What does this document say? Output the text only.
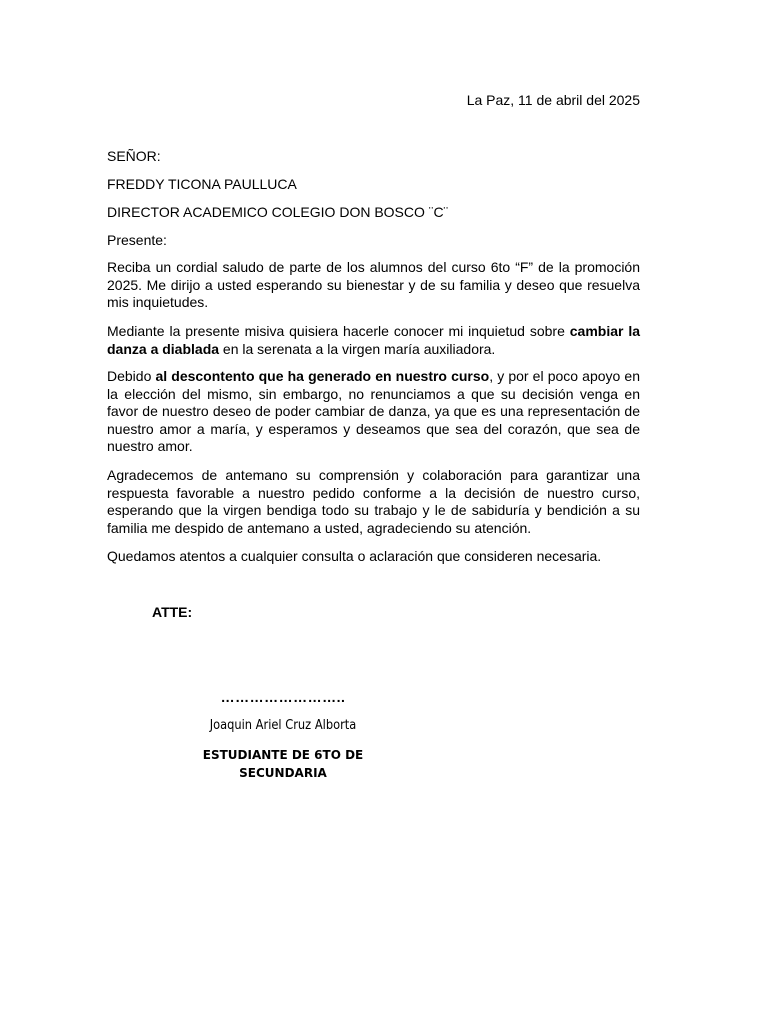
La Paz, 11 de abril del 2025
SEÑOR:
FREDDY TICONA PAULLUCA
DIRECTOR ACADEMICO COLEGIO DON BOSCO ¨C¨
Presente:

Reciba un cordial saludo de parte de los alumnos del curso 6to “F” de la promoción 2025. Me dirijo a usted esperando su bienestar y de su familia y deseo que resuelva mis inquietudes.

Mediante la presente misiva quisiera hacerle conocer mi inquietud sobre cambiar la danza a diablada en la serenata a la virgen maría auxiliadora.

Debido al descontento que ha generado en nuestro curso, y por el poco apoyo en la elección del mismo, sin embargo, no renunciamos a que su decisión venga en favor de nuestro deseo de poder cambiar de danza, ya que es una representación de nuestro amor a maría, y esperamos y deseamos que sea del corazón, que sea de nuestro amor.

Agradecemos de antemano su comprensión y colaboración para garantizar una respuesta favorable a nuestro pedido conforme a la decisión de nuestro curso, esperando que la virgen bendiga todo su trabajo y le de sabiduría y bendición a su familia me despido de antemano a usted, agradeciendo su atención.

Quedamos atentos a cualquier consulta o aclaración que consideren necesaria.

ATTE:
……………………..
Joaquin Ariel Cruz Alborta
ESTUDIANTE DE 6TO DE
SECUNDARIA
